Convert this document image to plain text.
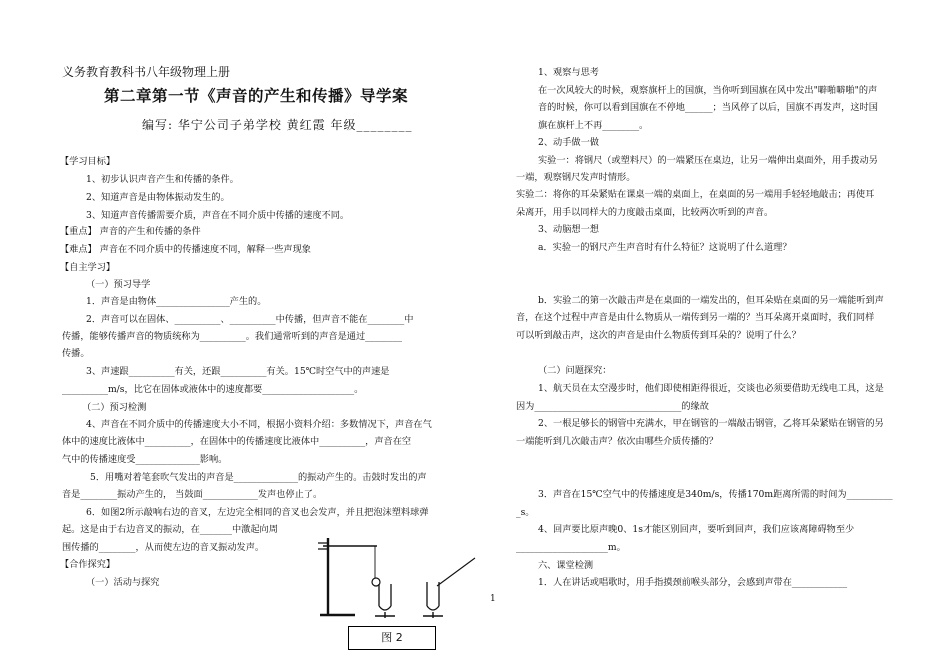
义务教育教科书八年级物理上册
第二章第一节《声音的产生和传播》导学案
编写: 华宁公司子弟学校 黄红霞 年级________
【学习目标】
1、初步认识声音产生和传播的条件。
2、知道声音是由物体振动发生的。
3、知道声音传播需要介质，声音在不同介质中传播的速度不同。
【重点】 声音的产生和传播的条件
【难点】 声音在不同介质中的传播速度不同，解释一些声现象
【自主学习】
（一）预习导学
1．声音是由物体________________产生的。
2．声音可以在固体、__________、__________中传播，但声音不能在________中
传播，能够传播声音的物质统称为__________。我们通常听到的声音是通过________
传播。
3、声速跟__________有关，还跟__________有关。15℃时空气中的声速是
__________m/s，比它在固体或液体中的速度都要____________________。
（二）预习检测
4、声音在不同介质中的传播速度大小不同，根据小资料介绍：多数情况下，声音在气
体中的速度比液体中__________，在固体中的传播速度比液体中__________，声音在空
气中的传播速度受______________影响。
5．用嘴对着笔套吹气发出的声音是______________的振动产生的。击鼓时发出的声
音是________振动产生的， 当鼓面____________发声也停止了。
6．如图2所示敲响右边的音叉，左边完全相同的音叉也会发声，并且把泡沫塑料球弹
起。这是由于右边音叉的振动，在_______中激起向周
围传播的________，从而使左边的音叉振动发声。
【合作探究】
（一）活动与探究
1、观察与思考
在一次风较大的时候，观察旗杆上的国旗，当你听到国旗在风中发出"噼啪噼啪"的声
音的时候，你可以看到国旗在不停地______；当风停了以后，国旗不再发声，这时国
旗在旗杆上不再________。
2、动手做一做
实验一：将钢尺（或塑料尺）的一端紧压在桌边，让另一端伸出桌面外，用手拨动另
一端，观察钢尺发声时情形。
实验二：将你的耳朵紧贴在课桌一端的桌面上，在桌面的另一端用手轻轻地敲击；再使耳
朵离开，用手以同样大的力度敲击桌面，比较两次听到的声音。
3、动脑想一想
a．实验一的钢尺产生声音时有什么特征？这说明了什么道理？
b．实验二的第一次敲击声是在桌面的一端发出的，但耳朵贴在桌面的另一端能听到声
音，在这个过程中声音是由什么物质从一端传到另一端的？当耳朵离开桌面时，我们同样
可以听到敲击声，这次的声音是由什么物质传到耳朵的？说明了什么？
（二）问题探究：
1、航天员在太空漫步时，他们即使相距得很近，交谈也必须要借助无线电工具，这是
因为________________________________的缘故
2、一根足够长的钢管中充满水，甲在钢管的一端敲击钢管，乙将耳朵紧贴在钢管的另
一端能听到几次敲击声？依次由哪些介质传播的？
3．声音在15℃空气中的传播速度是340m/s，传播170m距离所需的时间为__________
_s。
4、回声要比原声晚0、1s才能区别回声，要听到回声，我们应该离障碍物至少
____________________m。
六、课堂检测
1．人在讲话或唱歌时，用手指摸颈前喉头部分，会感到声带在____________
1
图 2
